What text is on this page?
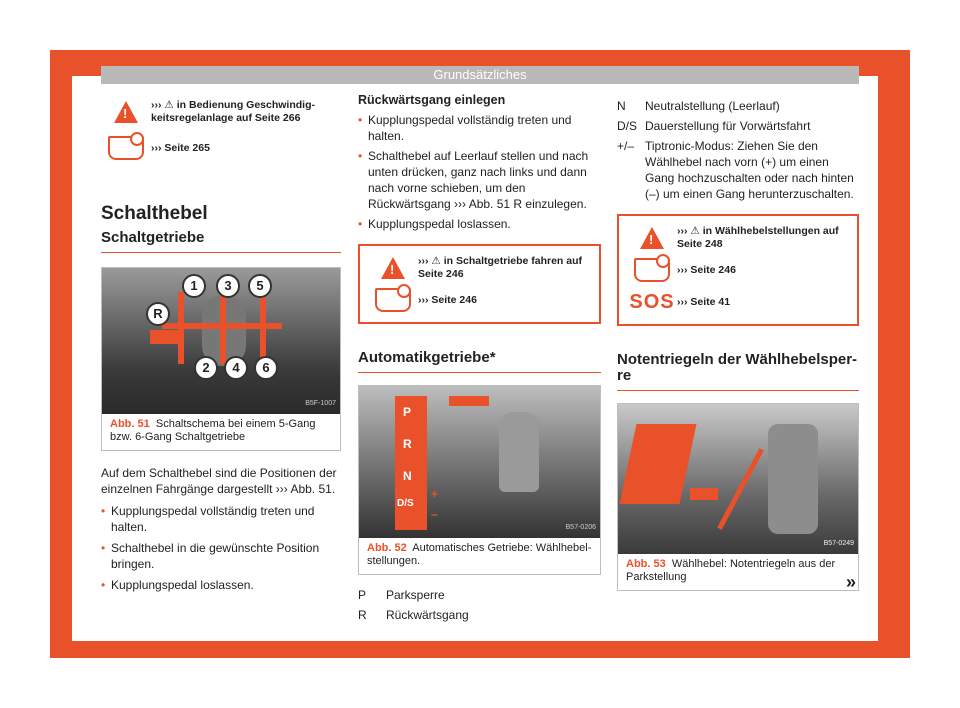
Grundsätzliches
!
››› ⚠ in Bedienung Geschwindig-keitsregelanlage auf Seite 266
››› Seite 265
Schalthebel
Schaltgetriebe
1	3	5
R
2	4	6
B5F-1007
Abb. 51 Schaltschema bei einem 5-Gang bzw. 6-Gang Schaltgetriebe
Auf dem Schalthebel sind die Positionen der einzelnen Fahrgänge dargestellt ››› Abb. 51.
• Kupplungspedal vollständig treten und halten.
• Schalthebel in die gewünschte Position bringen.
• Kupplungspedal loslassen.
Rückwärtsgang einlegen
• Kupplungspedal vollständig treten und halten.
• Schalthebel auf Leerlauf stellen und nach unten drücken, ganz nach links und dann nach vorne schieben, um den Rückwärtsgang ››› Abb. 51 R einzulegen.
• Kupplungspedal loslassen.
!
››› ⚠ in Schaltgetriebe fahren auf Seite 246
››› Seite 246
Automatikgetriebe*
P
R
N
D/S
+
–
B57-0206
Abb. 52 Automatisches Getriebe: Wählhebel-stellungen.
P	Parksperre
R	Rückwärtsgang
N	Neutralstellung (Leerlauf)
D/S Dauerstellung für Vorwärtsfahrt
+/– Tiptronic-Modus: Ziehen Sie den Wählhebel nach vorn (+) um einen Gang hochzuschalten oder nach hinten (–) um einen Gang herunterzuschalten.
!
››› ⚠ in Wählhebelstellungen auf Seite 248
››› Seite 246
SOS ››› Seite 41
Notentriegeln der Wählhebelsper-re
B57-0249
Abb. 53 Wählhebel: Notentriegeln aus der Parkstellung	»
41
